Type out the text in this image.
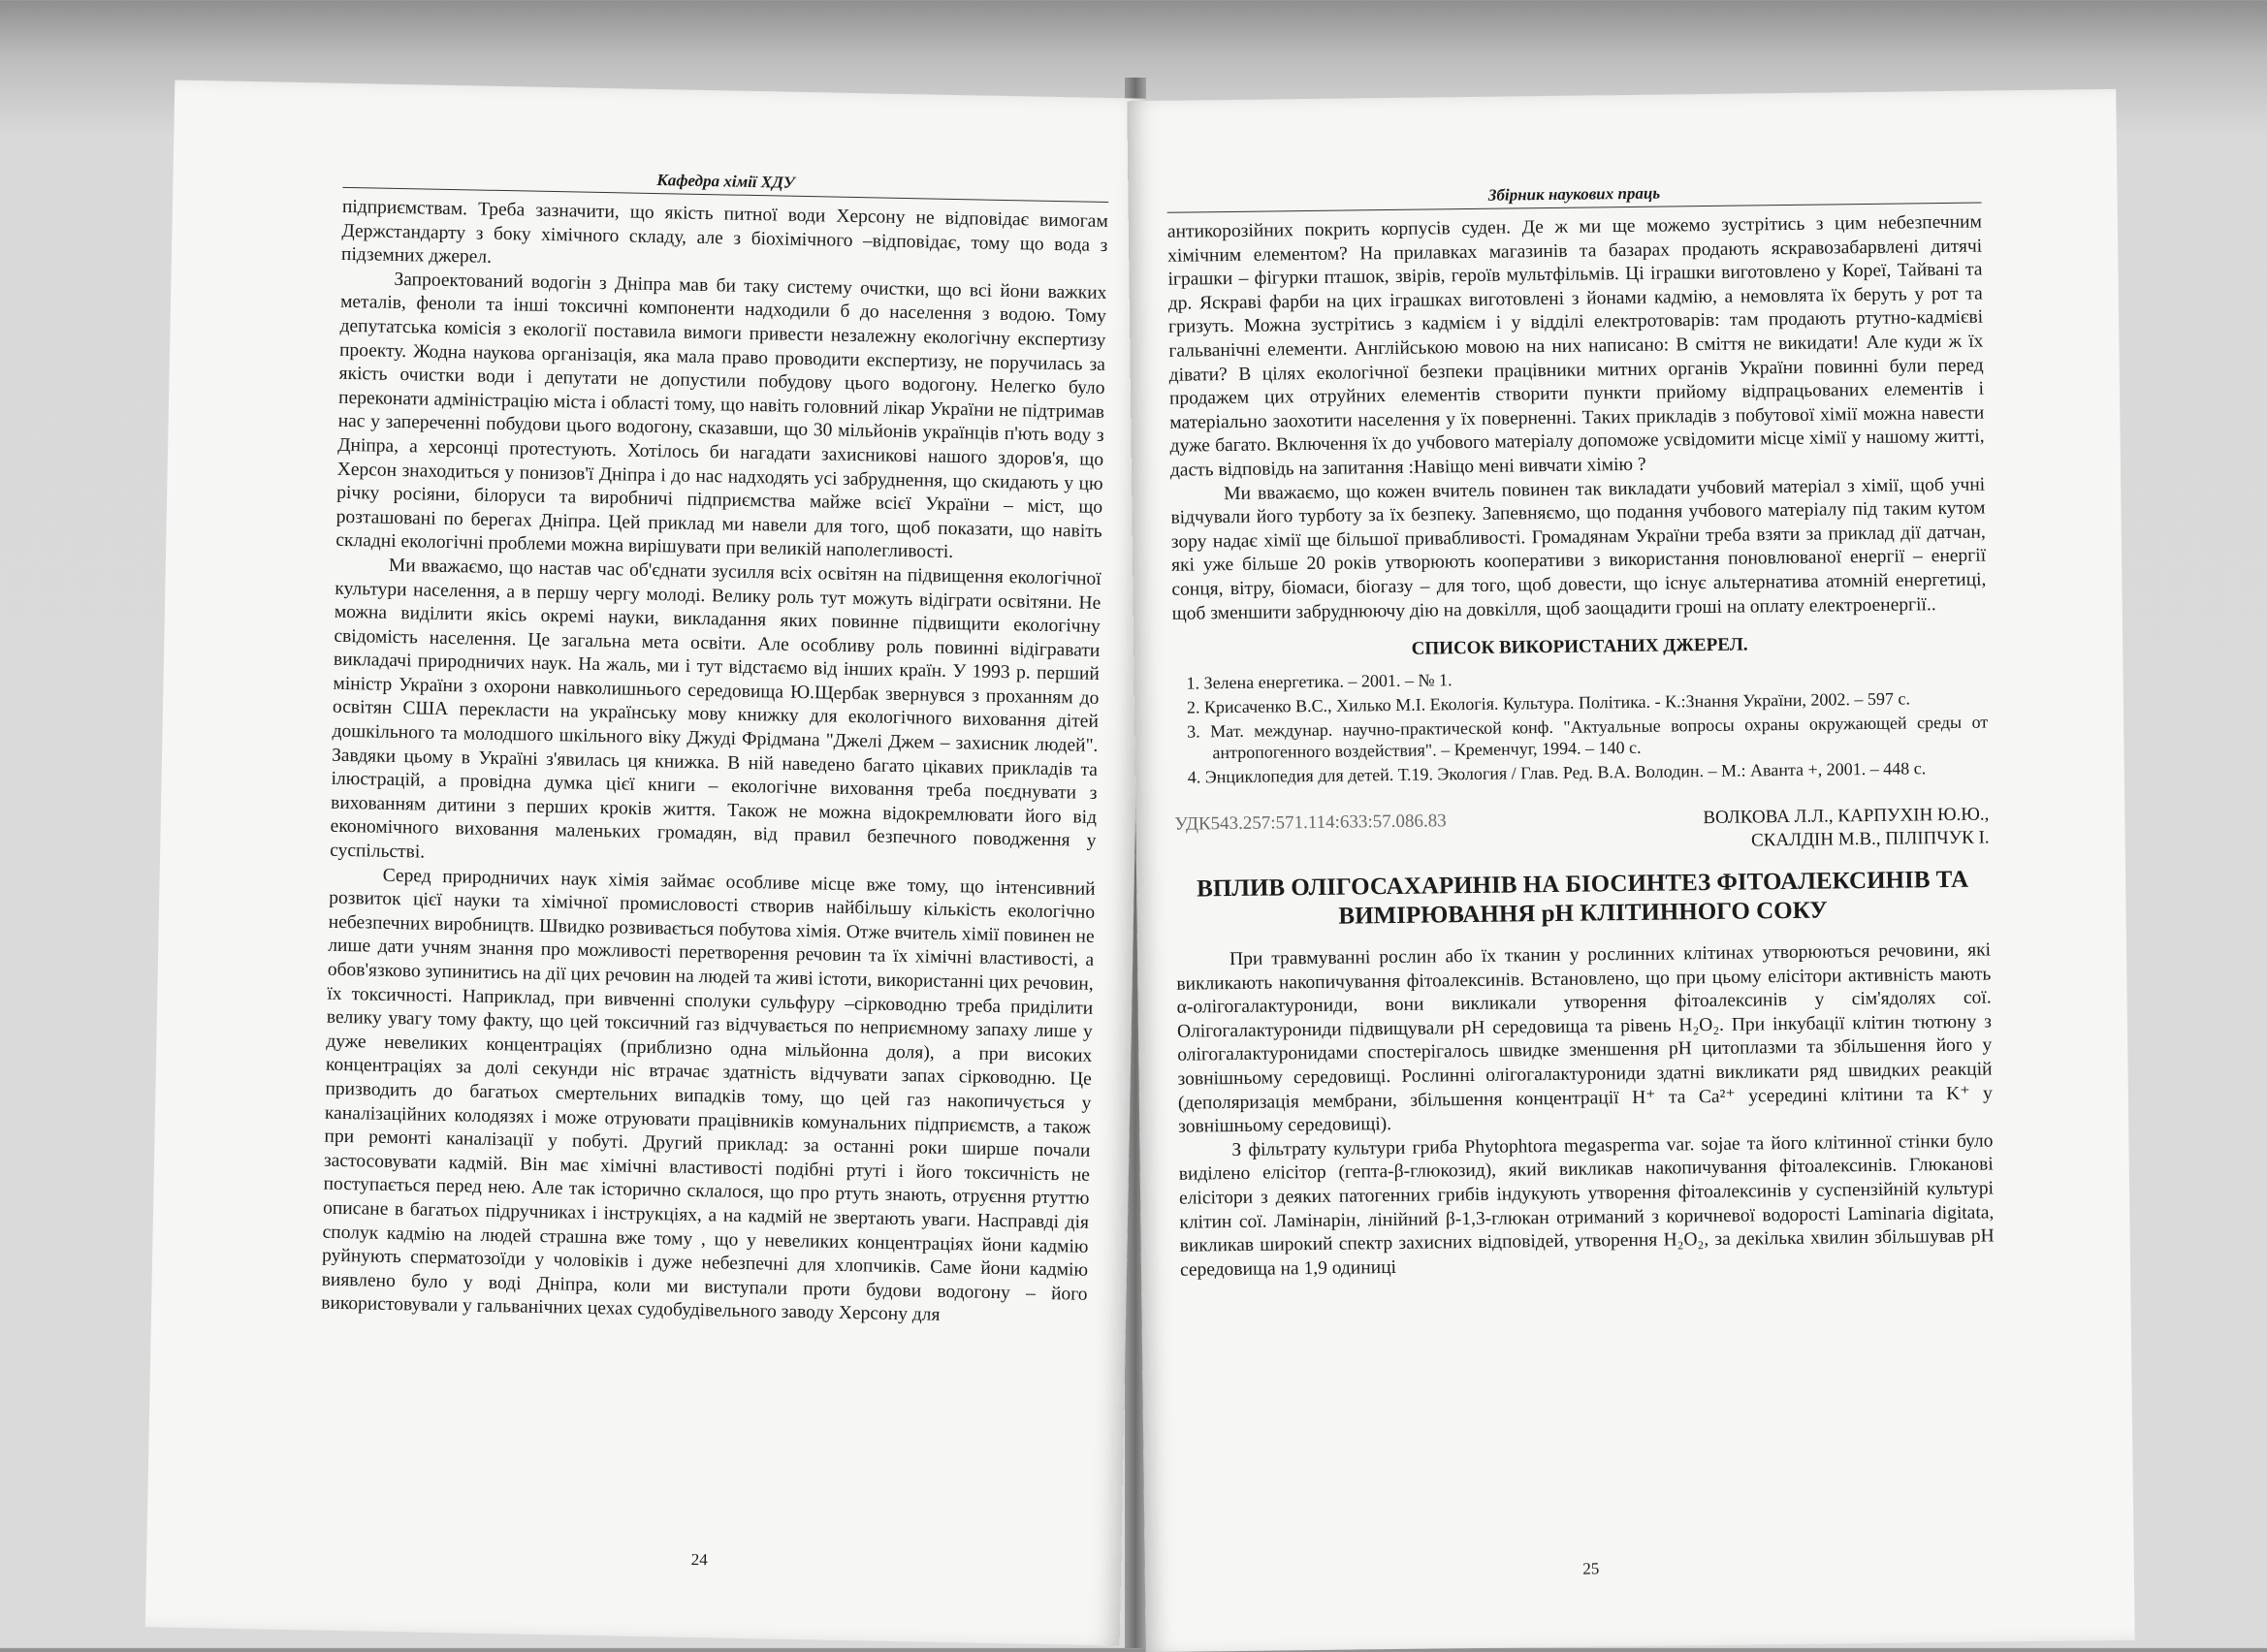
Кафедра хімії ХДУ

підприємствам. Треба зазначити, що якість питної води Херсону не відповідає вимогам Держстандарту з боку хімічного складу, але з біохімічного –відповідає, тому що вода з підземних джерел.

Запроектований водогін з Дніпра мав би таку систему очистки, що всі йони важких металів, феноли та інші токсичні компоненти надходили б до населення з водою. Тому депутатська комісія з екології поставила вимоги привести незалежну екологічну експертизу проекту. Жодна наукова організація, яка мала право проводити експертизу, не поручилась за якість очистки води і депутати не допустили побудову цього водогону. Нелегко було переконати адміністрацію міста і області тому, що навіть головний лікар України не підтримав нас у запереченні побудови цього водогону, сказавши, що 30 мільйонів українців п'ють воду з Дніпра, а херсонці протестують. Хотілось би нагадати захисникові нашого здоров'я, що Херсон знаходиться у понизов'ї Дніпра і до нас надходять усі забруднення, що скидають у цю річку росіяни, білоруси та виробничі підприємства майже всієї України – міст, що розташовані по берегах Дніпра. Цей приклад ми навели для того, щоб показати, що навіть складні екологічні проблеми можна вирішувати при великій наполегливості.

Ми вважаємо, що настав час об'єднати зусилля всіх освітян на підвищення екологічної культури населення, а в першу чергу молоді. Велику роль тут можуть відіграти освітяни. Не можна виділити якісь окремі науки, викладання яких повинне підвищити екологічну свідомість населення. Це загальна мета освіти. Але особливу роль повинні відігравати викладачі природничих наук. На жаль, ми і тут відстаємо від інших країн. У 1993 р. перший міністр України з охорони навколишнього середовища Ю.Щербак звернувся з проханням до освітян США перекласти на українську мову книжку для екологічного виховання дітей дошкільного та молодшого шкільного віку Джуді Фрідмана "Джелі Джем – захисник людей". Завдяки цьому в Україні з'явилась ця книжка. В ній наведено багато цікавих прикладів та ілюстрацій, а провідна думка цієї книги – екологічне виховання треба поєднувати з вихованням дитини з перших кроків життя. Також не можна відокремлювати його від економічного виховання маленьких громадян, від правил безпечного поводження у суспільстві.

Серед природничих наук хімія займає особливе місце вже тому, що інтенсивний розвиток цієї науки та хімічної промисловості створив найбільшу кількість екологічно небезпечних виробництв. Швидко розвивається побутова хімія. Отже вчитель хімії повинен не лише дати учням знання про можливості перетворення речовин та їх хімічні властивості, а обов'язково зупинитись на дії цих речовин на людей та живі істоти, використанні цих речовин, їх токсичності. Наприклад, при вивченні сполуки сульфуру –сірководню треба приділити велику увагу тому факту, що цей токсичний газ відчувається по неприємному запаху лише у дуже невеликих концентраціях (приблизно одна мільйонна доля), а при високих концентраціях за долі секунди ніс втрачає здатність відчувати запах сірководню. Це призводить до багатьох смертельних випадків тому, що цей газ накопичується у каналізаційних колодязях і може отруювати працівників комунальних підприємств, а також при ремонті каналізації у побуті. Другий приклад: за останні роки ширше почали застосовувати кадмій. Він має хімічні властивості подібні ртуті і його токсичність не поступається перед нею. Але так історично склалося, що про ртуть знають, отруєння ртуттю описане в багатьох підручниках і інструкціях, а на кадмій не звертають уваги. Насправді дія сполук кадмію на людей страшна вже тому , що у невеликих концентраціях йони кадмію руйнують сперматозоїди у чоловіків і дуже небезпечні для хлопчиків. Саме йони кадмію виявлено було у воді Дніпра, коли ми виступали проти будови водогону – його використовували у гальванічних цехах судобудівельного заводу Херсону для

24
Збірник наукових праць

антикорозійних покрить корпусів суден. Де ж ми ще можемо зустрітись з цим небезпечним хімічним елементом? На прилавках магазинів та базарах продають яскравозабарвлені дитячі іграшки – фігурки пташок, звірів, героїв мультфільмів. Ці іграшки виготовлено у Кореї, Тайвані та др. Яскраві фарби на цих іграшках виготовлені з йонами кадмію, а немовлята їх беруть у рот та гризуть. Можна зустрітись з кадмієм і у відділі електротоварів: там продають ртутно-кадмієві гальванічні елементи. Англійською мовою на них написано: В сміття не викидати! Але куди ж їх дівати? В цілях екологічної безпеки працівники митних органів України повинні були перед продажем цих отруйних елементів створити пункти прийому відпрацьованих елементів і матеріально заохотити населення у їх поверненні. Таких прикладів з побутової хімії можна навести дуже багато. Включення їх до учбового матеріалу допоможе усвідомити місце хімії у нашому житті, дасть відповідь на запитання :Навіщо мені вивчати хімію ?

Ми вважаємо, що кожен вчитель повинен так викладати учбовий матеріал з хімії, щоб учні відчували його турботу за їх безпеку. Запевняємо, що подання учбового матеріалу під таким кутом зору надає хімії ще більшої привабливості. Громадянам України треба взяти за приклад дії датчан, які уже більше 20 років утворюють кооперативи з використання поновлюваної енергії – енергії сонця, вітру, біомаси, біогазу – для того, щоб довести, що існує альтернатива атомній енергетиці, щоб зменшити забруднюючу дію на довкілля, щоб заощадити гроші на оплату електроенергії..

СПИСОК ВИКОРИСТАНИХ ДЖЕРЕЛ.
1. Зелена енергетика. – 2001. – № 1.
2. Крисаченко В.С., Хилько М.І. Екологія. Культура. Політика. - К.:Знання України, 2002. – 597 с.
3. Мат. междунар. научно-практической конф. "Актуальные вопросы охраны окружающей среды от антропогенного воздействия". – Кременчуг, 1994. – 140 с.
4. Энциклопедия для детей. Т.19. Экология / Глав. Ред. В.А. Володин. – М.: Аванта +, 2001. – 448 с.
УДК543.257:571.114:633:57.086.83	ВОЛКОВА Л.Л., КАРПУХІН Ю.Ю.,
СКАЛДІН М.В., ПІЛІПЧУК І.
ВПЛИВ ОЛІГОСАХАРИНІВ НА БІОСИНТЕЗ ФІТОАЛЕКСИНІВ ТА ВИМІРЮВАННЯ рН КЛІТИННОГО СОКУ

При травмуванні рослин або їх тканин у рослинних клітинах утворюються речовини, які викликають накопичування фітоалексинів. Встановлено, що при цьому елісітори активність мають α-олігогалактурониди, вони викликали утворення фітоалексинів у сім'ядолях сої. Олігогалактурониди підвищували pH середовища та рівень H₂O₂. При інкубації клітин тютюну з олігогалактуронидами спостерігалось швидке зменшення pH цитоплазми та збільшення його у зовнішньому середовищі. Рослинні олігогалактурониди здатні викликати ряд швидких реакцій (деполяризація мембрани, збільшення концентрації H⁺ та Ca²⁺ усередині клітини та K⁺ у зовнішньому середовищі).

З фільтрату культури гриба Phytophtora megasperma var. sojae та його клітинної стінки було виділено елісітор (гепта-β-глюкозид), який викликав накопичування фітоалексинів. Глюканові елісітори з деяких патогенних грибів індукують утворення фітоалексинів у суспензійній культурі клітин сої. Ламінарін, лінійний β-1,3-глюкан отриманий з коричневої водорості Laminaria digitata, викликав широкий спектр захисних відповідей, утворення H₂O₂, за декілька хвилин збільшував pH середовища на 1,9 одиниці

25
